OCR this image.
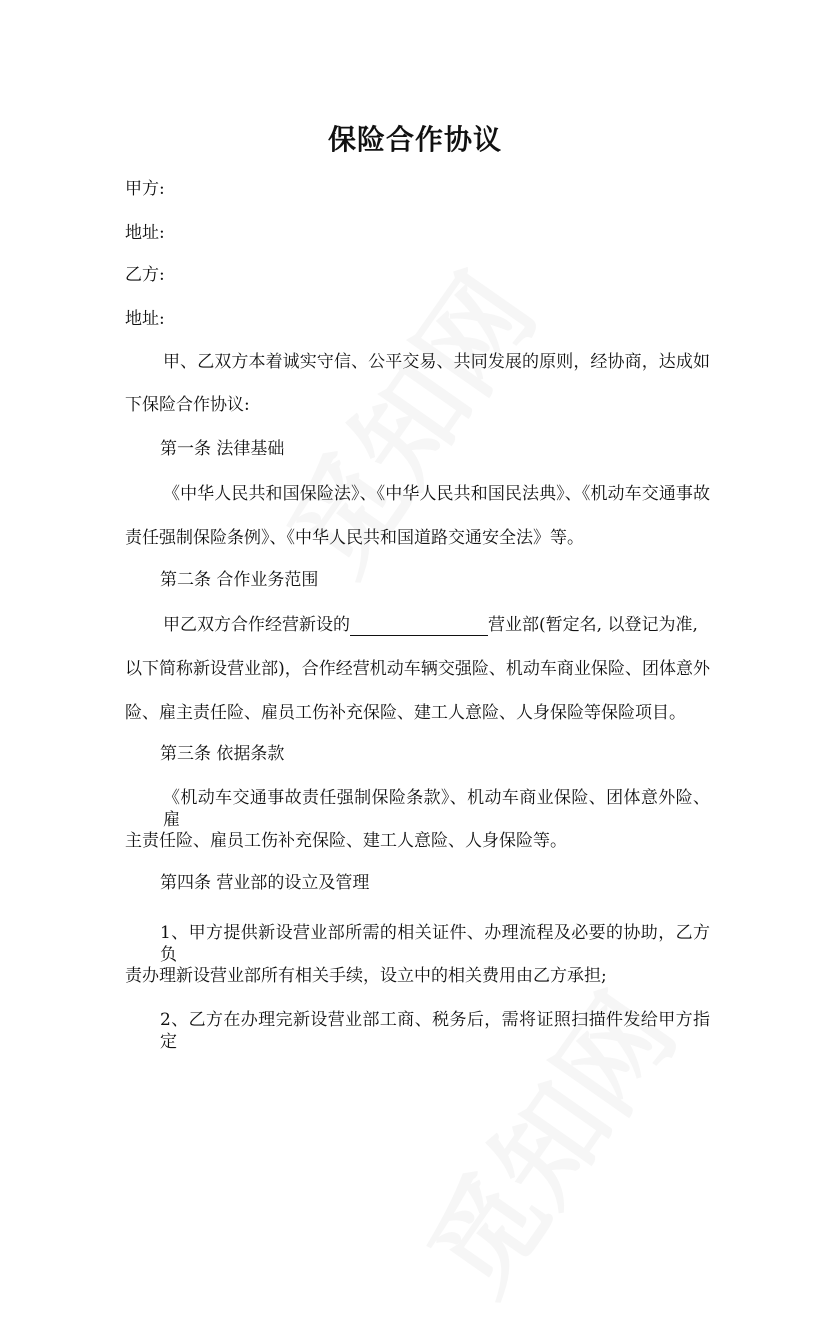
保险合作协议
甲方:
地址:
乙方:
地址:
甲、乙双方本着诚实守信、公平交易、共同发展的原则，经协商，达成如
下保险合作协议:
第一条 法律基础
《中华人民共和国保险法》、《中华人民共和国民法典》、《机动车交通事故
责任强制保险条例》、《中华人民共和国道路交通安全法》等。
第二条 合作业务范围
甲乙双方合作经营新设的	营业部(暂定名, 以登记为准,
以下简称新设营业部)，合作经营机动车辆交强险、机动车商业保险、团体意外
险、雇主责任险、雇员工伤补充保险、建工人意险、人身保险等保险项目。
第三条 依据条款
《机动车交通事故责任强制保险条款》、机动车商业保险、团体意外险、雇
主责任险、雇员工伤补充保险、建工人意险、人身保险等。
第四条 营业部的设立及管理
1、甲方提供新设营业部所需的相关证件、办理流程及必要的协助，乙方负
责办理新设营业部所有相关手续，设立中的相关费用由乙方承担;
2、乙方在办理完新设营业部工商、税务后，需将证照扫描件发给甲方指定
